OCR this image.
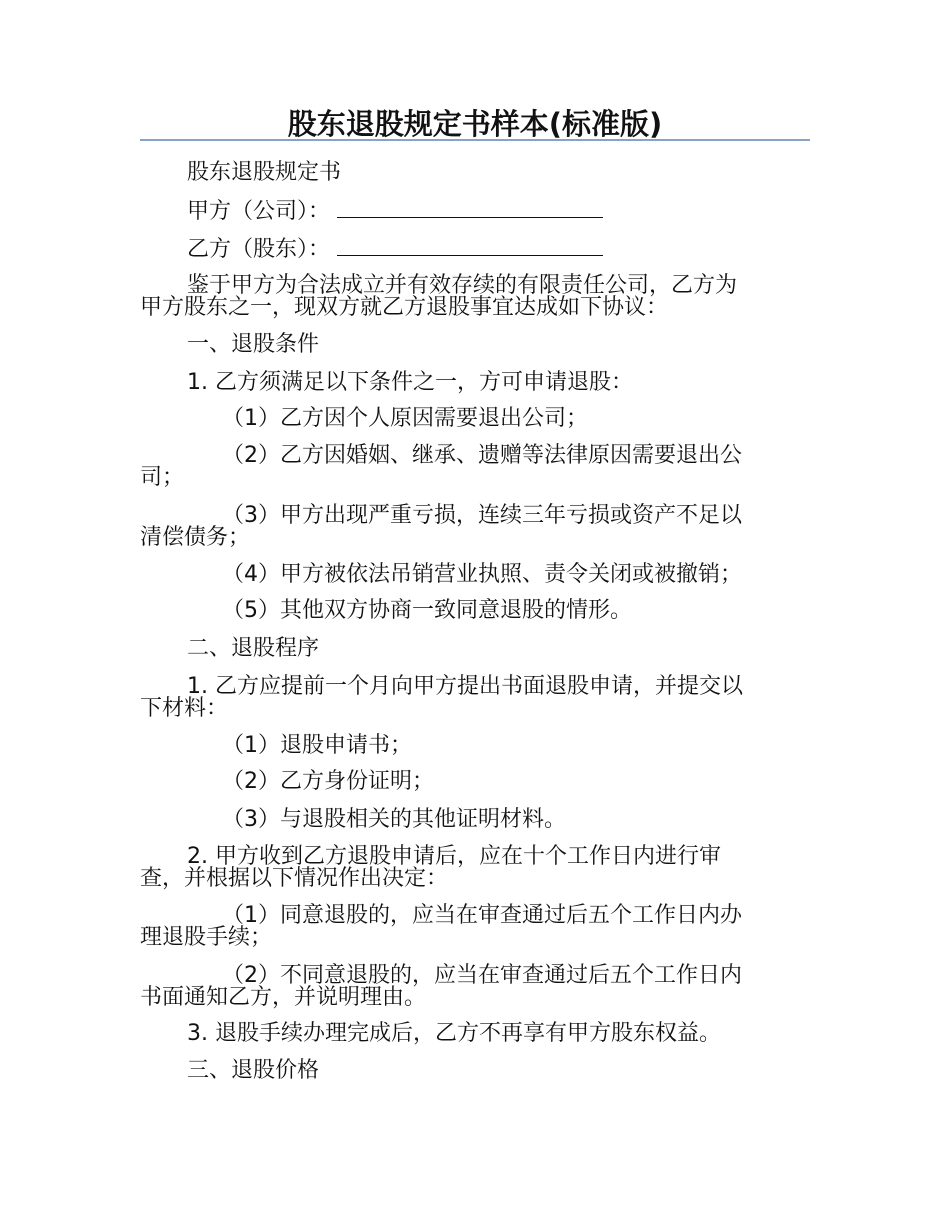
股东退股规定书样本(标准版)
股东退股规定书
甲方（公司）：
乙方（股东）：
鉴于甲方为合法成立并有效存续的有限责任公司，乙方为
甲方股东之一，现双方就乙方退股事宜达成如下协议：
一、退股条件
1. 乙方须满足以下条件之一，方可申请退股：
（1）乙方因个人原因需要退出公司；
（2）乙方因婚姻、继承、遗赠等法律原因需要退出公
司；
（3）甲方出现严重亏损，连续三年亏损或资产不足以
清偿债务；
（4）甲方被依法吊销营业执照、责令关闭或被撤销；
（5）其他双方协商一致同意退股的情形。
二、退股程序
1. 乙方应提前一个月向甲方提出书面退股申请，并提交以
下材料：
（1）退股申请书；
（2）乙方身份证明；
（3）与退股相关的其他证明材料。
2. 甲方收到乙方退股申请后，应在十个工作日内进行审
查，并根据以下情况作出决定：
（1）同意退股的，应当在审查通过后五个工作日内办
理退股手续；
（2）不同意退股的，应当在审查通过后五个工作日内
书面通知乙方，并说明理由。
3. 退股手续办理完成后，乙方不再享有甲方股东权益。
三、退股价格
